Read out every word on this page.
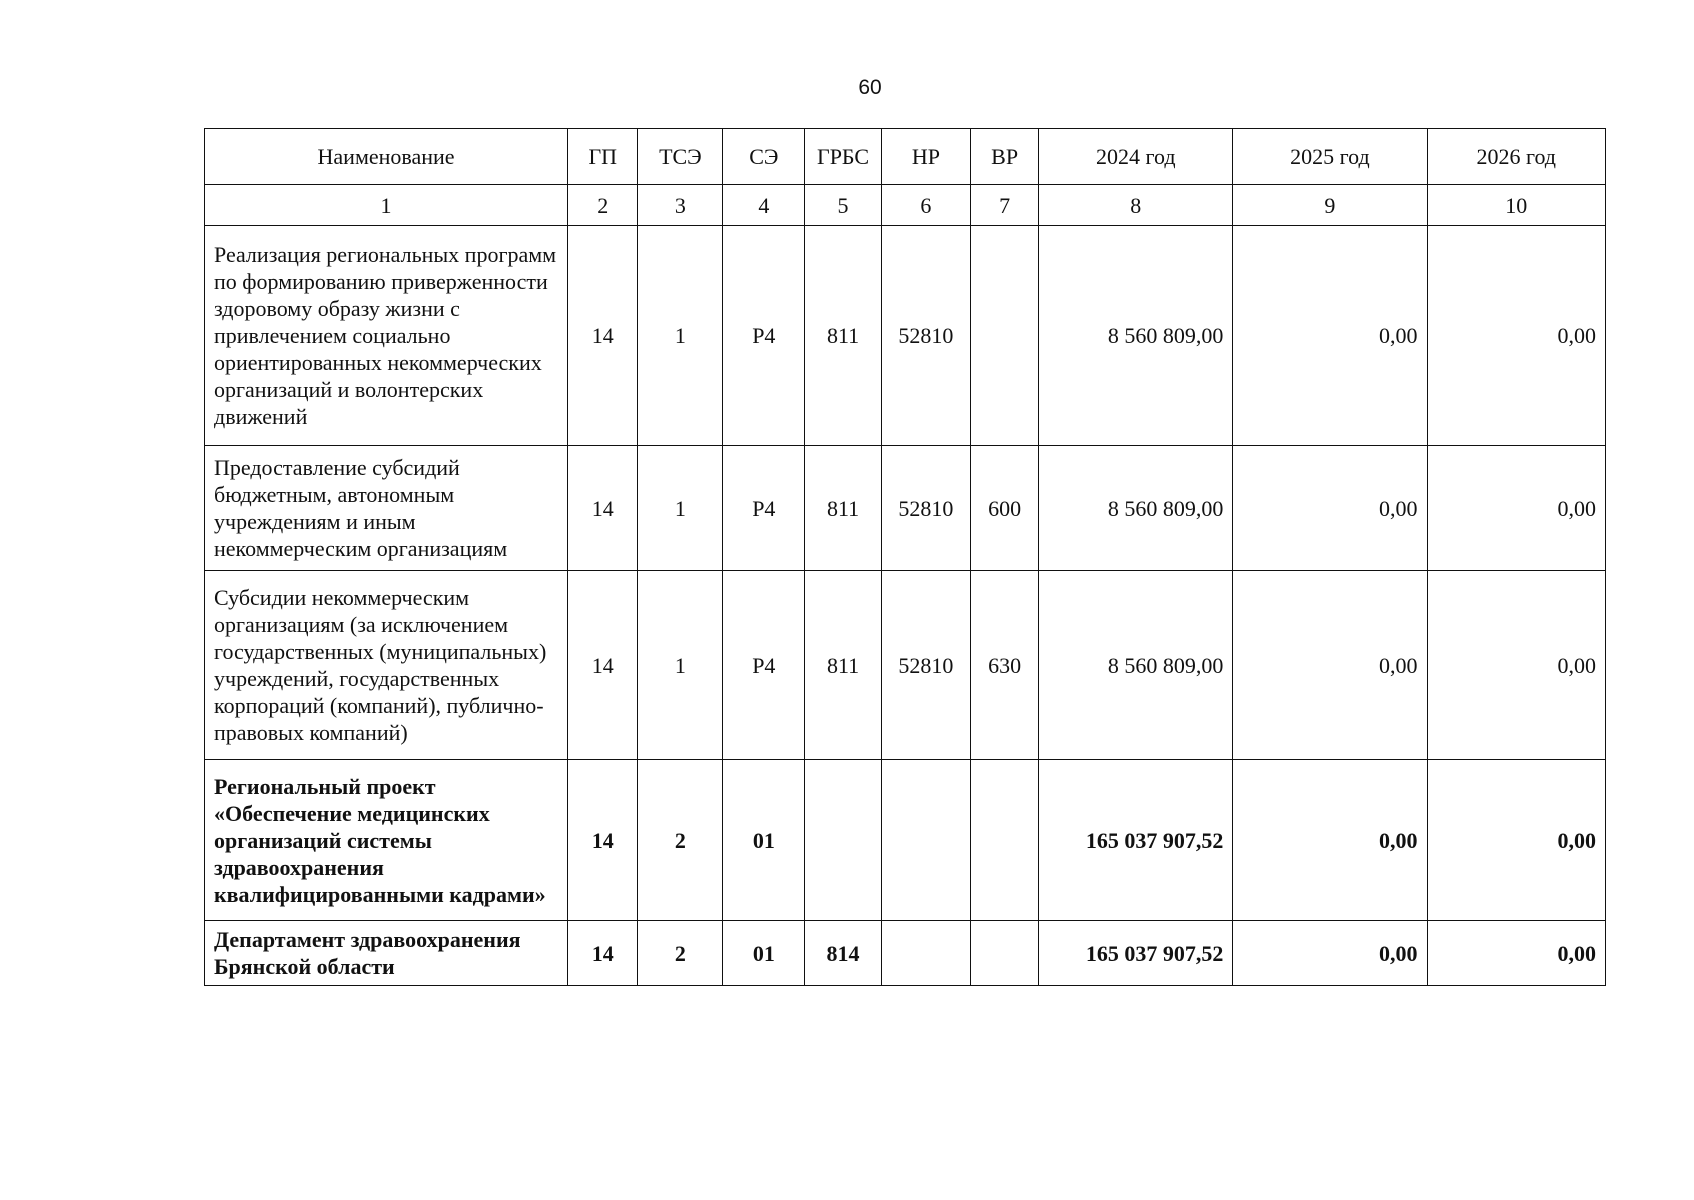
60
Наименование	ГП	ТСЭ	СЭ	ГРБС	НР	ВР	2024 год	2025 год	2026 год
1	2	3	4	5	6	7	8	9	10
Реализация региональных программ по формированию приверженности здоровому образу жизни с привлечением социально ориентированных некоммерческих организаций и волонтерских движений	14	1	Р4	811	52810		8 560 809,00	0,00	0,00
Предоставление субсидий бюджетным, автономным учреждениям и иным некоммерческим организациям	14	1	Р4	811	52810	600	8 560 809,00	0,00	0,00
Субсидии некоммерческим организациям (за исключением государственных (муниципальных) учреждений, государственных корпораций (компаний), публично-правовых компаний)	14	1	Р4	811	52810	630	8 560 809,00	0,00	0,00
Региональный проект «Обеспечение медицинских организаций системы здравоохранения квалифицированными кадрами»	14	2	01				165 037 907,52	0,00	0,00
Департамент здравоохранения Брянской области	14	2	01	814			165 037 907,52	0,00	0,00
